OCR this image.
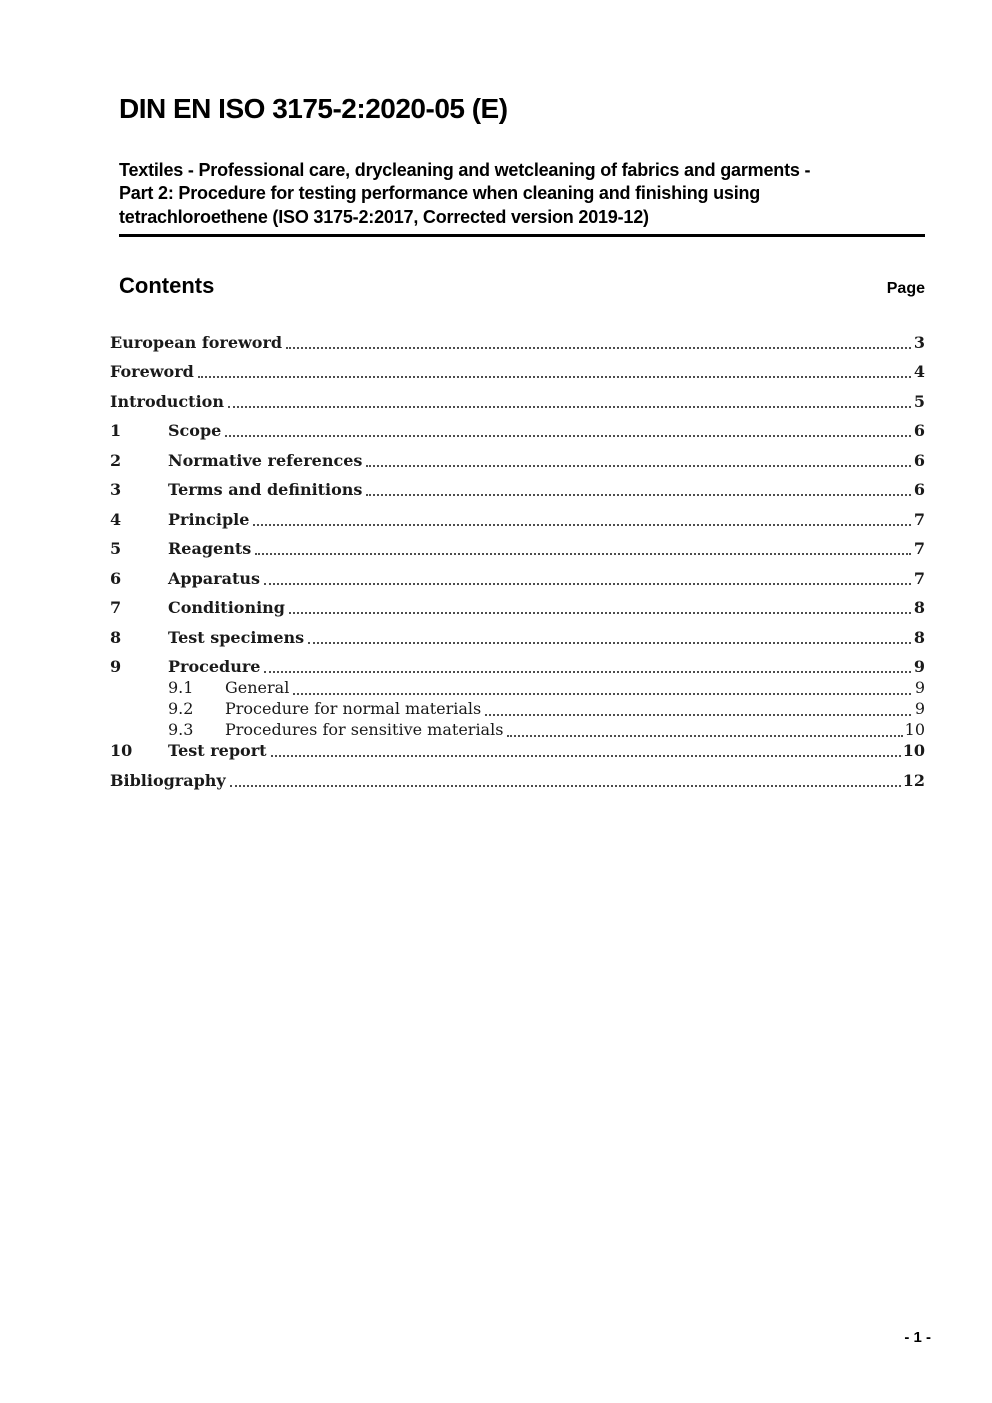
DIN EN ISO 3175-2:2020-05 (E)
Textiles - Professional care, drycleaning and wetcleaning of fabrics and garments -
Part 2: Procedure for testing performance when cleaning and finishing using
tetrachloroethene (ISO 3175-2:2017, Corrected version 2019-12)
Contents	Page
European foreword	3
Foreword	4
Introduction	5
1	Scope	6
2	Normative references	6
3	Terms and definitions	6
4	Principle	7
5	Reagents	7
6	Apparatus	7
7	Conditioning	8
8	Test specimens	8
9	Procedure	9
9.1	General	9
9.2	Procedure for normal materials	9
9.3	Procedures for sensitive materials	10
10	Test report	10
Bibliography	12
- 1 -
